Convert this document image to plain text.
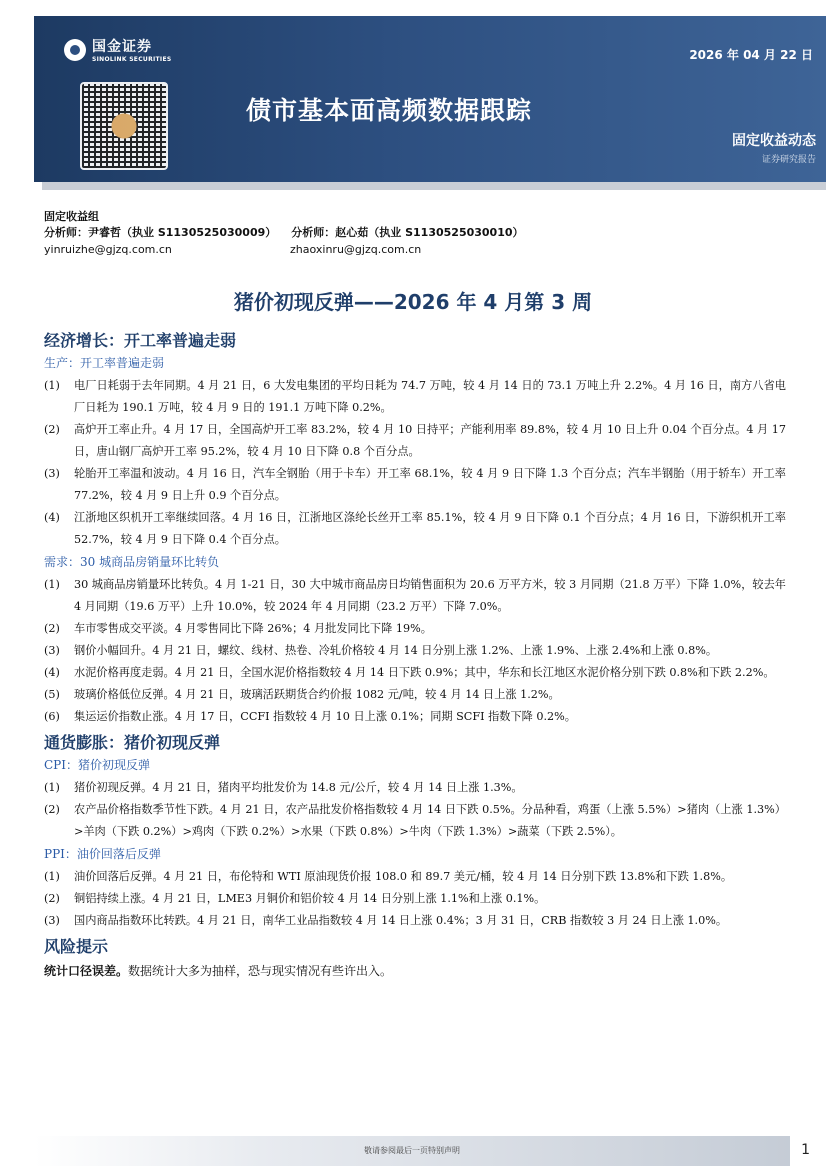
国金证券
SINOLINK SECURITIES	2026 年 04 月 22 日
债市基本面高频数据跟踪
固定收益动态
证券研究报告
固定收益组
分析师：尹睿哲（执业 S1130525030009） 分析师：赵心茹（执业 S1130525030010）
yinruizhe@gjzq.com.cn	zhaoxinru@gjzq.com.cn
猪价初现反弹——2026 年 4 月第 3 周
经济增长：开工率普遍走弱
生产：开工率普遍走弱
(1)	电厂日耗弱于去年同期。4 月 21 日，6 大发电集团的平均日耗为 74.7 万吨，较 4 月 14 日的 73.1 万吨上升 2.2%。4 月 16 日，南方八省电厂日耗为 190.1 万吨，较 4 月 9 日的 191.1 万吨下降 0.2%。
(2)	高炉开工率止升。4 月 17 日，全国高炉开工率 83.2%，较 4 月 10 日持平；产能利用率 89.8%，较 4 月 10 日上升 0.04 个百分点。4 月 17 日，唐山钢厂高炉开工率 95.2%，较 4 月 10 日下降 0.8 个百分点。
(3)	轮胎开工率温和波动。4 月 16 日，汽车全钢胎（用于卡车）开工率 68.1%，较 4 月 9 日下降 1.3 个百分点；汽车半钢胎（用于轿车）开工率 77.2%，较 4 月 9 日上升 0.9 个百分点。
(4)	江浙地区织机开工率继续回落。4 月 16 日，江浙地区涤纶长丝开工率 85.1%，较 4 月 9 日下降 0.1 个百分点；4 月 16 日，下游织机开工率 52.7%，较 4 月 9 日下降 0.4 个百分点。
需求：30 城商品房销量环比转负
(1)	30 城商品房销量环比转负。4 月 1-21 日，30 大中城市商品房日均销售面积为 20.6 万平方米，较 3 月同期（21.8 万平）下降 1.0%，较去年 4 月同期（19.6 万平）上升 10.0%，较 2024 年 4 月同期（23.2 万平）下降 7.0%。
(2)	车市零售成交平淡。4 月零售同比下降 26%；4 月批发同比下降 19%。
(3)	钢价小幅回升。4 月 21 日，螺纹、线材、热卷、冷轧价格较 4 月 14 日分别上涨 1.2%、上涨 1.9%、上涨 2.4%和上涨 0.8%。
(4)	水泥价格再度走弱。4 月 21 日，全国水泥价格指数较 4 月 14 日下跌 0.9%；其中，华东和长江地区水泥价格分别下跌 0.8%和下跌 2.2%。
(5)	玻璃价格低位反弹。4 月 21 日，玻璃活跃期货合约价报 1082 元/吨，较 4 月 14 日上涨 1.2%。
(6)	集运运价指数止涨。4 月 17 日，CCFI 指数较 4 月 10 日上涨 0.1%；同期 SCFI 指数下降 0.2%。
通货膨胀：猪价初现反弹
CPI：猪价初现反弹
(1)	猪价初现反弹。4 月 21 日，猪肉平均批发价为 14.8 元/公斤，较 4 月 14 日上涨 1.3%。
(2)	农产品价格指数季节性下跌。4 月 21 日，农产品批发价格指数较 4 月 14 日下跌 0.5%。分品种看，鸡蛋（上涨 5.5%）>猪肉（上涨 1.3%）>羊肉（下跌 0.2%）>鸡肉（下跌 0.2%）>水果（下跌 0.8%）>牛肉（下跌 1.3%）>蔬菜（下跌 2.5%）。
PPI：油价回落后反弹
(1)	油价回落后反弹。4 月 21 日，布伦特和 WTI 原油现货价报 108.0 和 89.7 美元/桶，较 4 月 14 日分别下跌 13.8%和下跌 1.8%。
(2)	铜铝持续上涨。4 月 21 日，LME3 月铜价和铝价较 4 月 14 日分别上涨 1.1%和上涨 0.1%。
(3)	国内商品指数环比转跌。4 月 21 日，南华工业品指数较 4 月 14 日上涨 0.4%；3 月 31 日，CRB 指数较 3 月 24 日上涨 1.0%。
风险提示
统计口径误差。数据统计大多为抽样，恐与现实情况有些许出入。
敬请参阅最后一页特别声明	1
